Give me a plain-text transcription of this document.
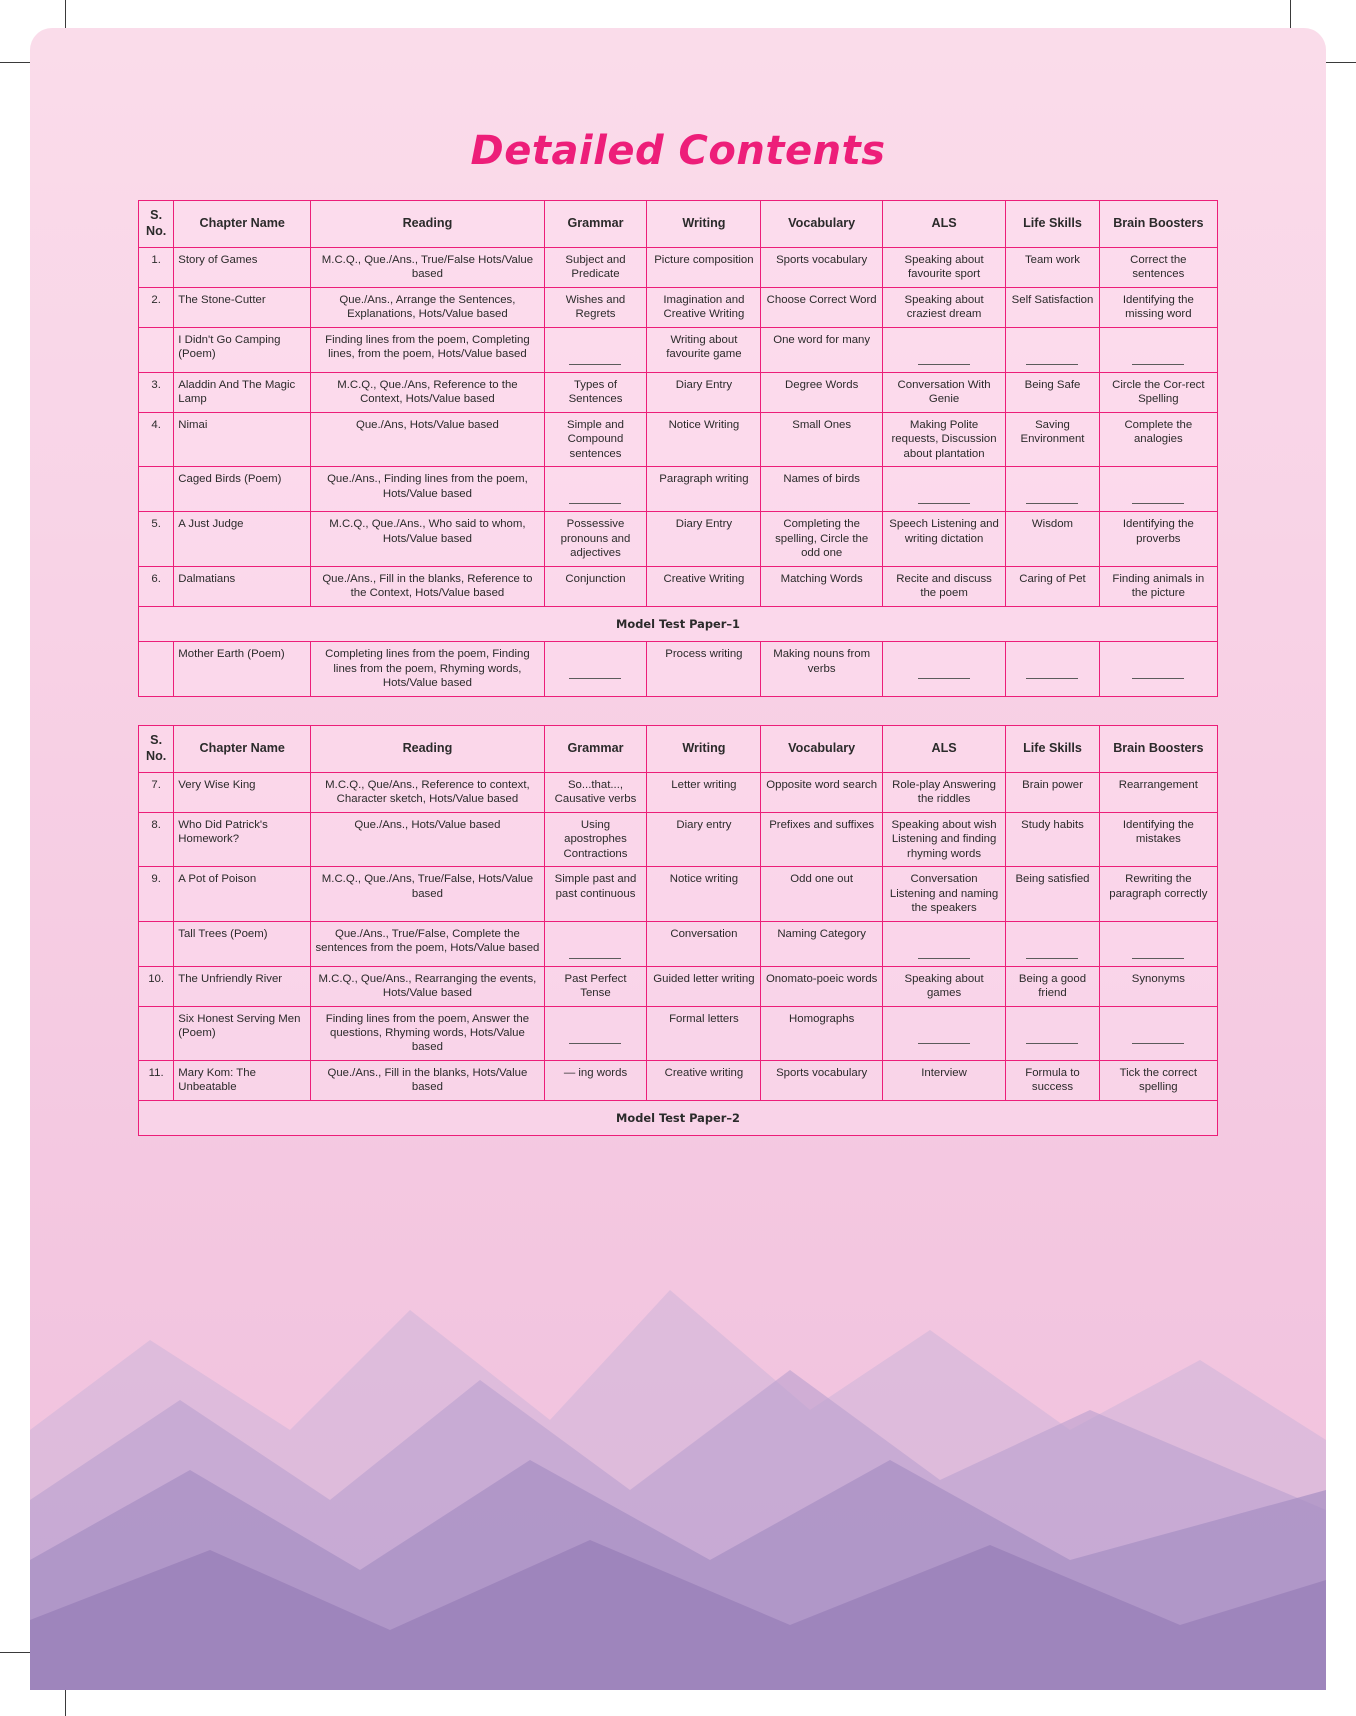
Detailed Contents
S. No.	Chapter Name	Reading	Grammar	Writing	Vocabulary	ALS	Life Skills	Brain Boosters
1.	Story of Games	M.C.Q., Que./Ans., True/False Hots/Value based	Subject and Predicate	Picture composition	Sports vocabulary	Speaking about favourite sport	Team work	Correct the sentences
2.	The Stone-Cutter	Que./Ans., Arrange the Sentences, Explanations, Hots/Value based	Wishes and Regrets	Imagination and Creative Writing	Choose Correct Word	Speaking about craziest dream	Self Satisfaction	Identifying the missing word
	I Didn't Go Camping (Poem)	Finding lines from the poem, Completing lines, from the poem, Hots/Value based		Writing about favourite game	One word for many	

3.	Aladdin And The Magic Lamp	M.C.Q., Que./Ans, Reference to the Context, Hots/Value based	Types of Sentences	Diary Entry	Degree Words	Conversation With Genie	Being Safe	Circle the Cor-rect Spelling
4.	Nimai	Que./Ans, Hots/Value based	Simple and Compound sentences	Notice Writing	Small Ones	Making Polite requests, Discussion about plantation	Saving Environment	Complete the analogies
	Caged Birds (Poem)	Que./Ans., Finding lines from the poem, Hots/Value based		Paragraph writing	Names of birds	

5.	A Just Judge	M.C.Q., Que./Ans., Who said to whom, Hots/Value based	Possessive pronouns and adjectives	Diary Entry	Completing the spelling, Circle the odd one	Speech Listening and writing dictation	Wisdom	Identifying the proverbs
6.	Dalmatians	Que./Ans., Fill in the blanks, Reference to the Context, Hots/Value based	Conjunction	Creative Writing	Matching Words	Recite and discuss the poem	Caring of Pet	Finding animals in the picture
Model Test Paper–1								
	Mother Earth (Poem)	Completing lines from the poem, Finding lines from the poem, Rhyming words, Hots/Value based		Process writing	Making nouns from verbs	

S. No.	Chapter Name	Reading	Grammar	Writing	Vocabulary	ALS	Life Skills	Brain Boosters
7.	Very Wise King	M.C.Q., Que/Ans., Reference to context, Character sketch, Hots/Value based	So...that..., Causative verbs	Letter writing	Opposite word search	Role-play Answering the riddles	Brain power	Rearrangement
8.	Who Did Patrick's Homework?	Que./Ans., Hots/Value based	Using apostrophes Contractions	Diary entry	Prefixes and suffixes	Speaking about wish Listening and finding rhyming words	Study habits	Identifying the mistakes
9.	A Pot of Poison	M.C.Q., Que./Ans, True/False, Hots/Value based	Simple past and past continuous	Notice writing	Odd one out	Conversation Listening and naming the speakers	Being satisfied	Rewriting the paragraph correctly
	Tall Trees (Poem)	Que./Ans., True/False, Complete the sentences from the poem, Hots/Value based		Conversation	Naming Category	

10.	The Unfriendly River	M.C.Q., Que/Ans., Rearranging the events, Hots/Value based	Past Perfect Tense	Guided letter writing	Onomato-poeic words	Speaking about games	Being a good friend	Synonyms
	Six Honest Serving Men (Poem)	Finding lines from the poem, Answer the questions, Rhyming words, Hots/Value based		Formal letters	Homographs	

11.	Mary Kom: The Unbeatable	Que./Ans., Fill in the blanks, Hots/Value based	— ing words	Creative writing	Sports vocabulary	Interview	Formula to success	Tick the correct spelling
Model Test Paper–2								
